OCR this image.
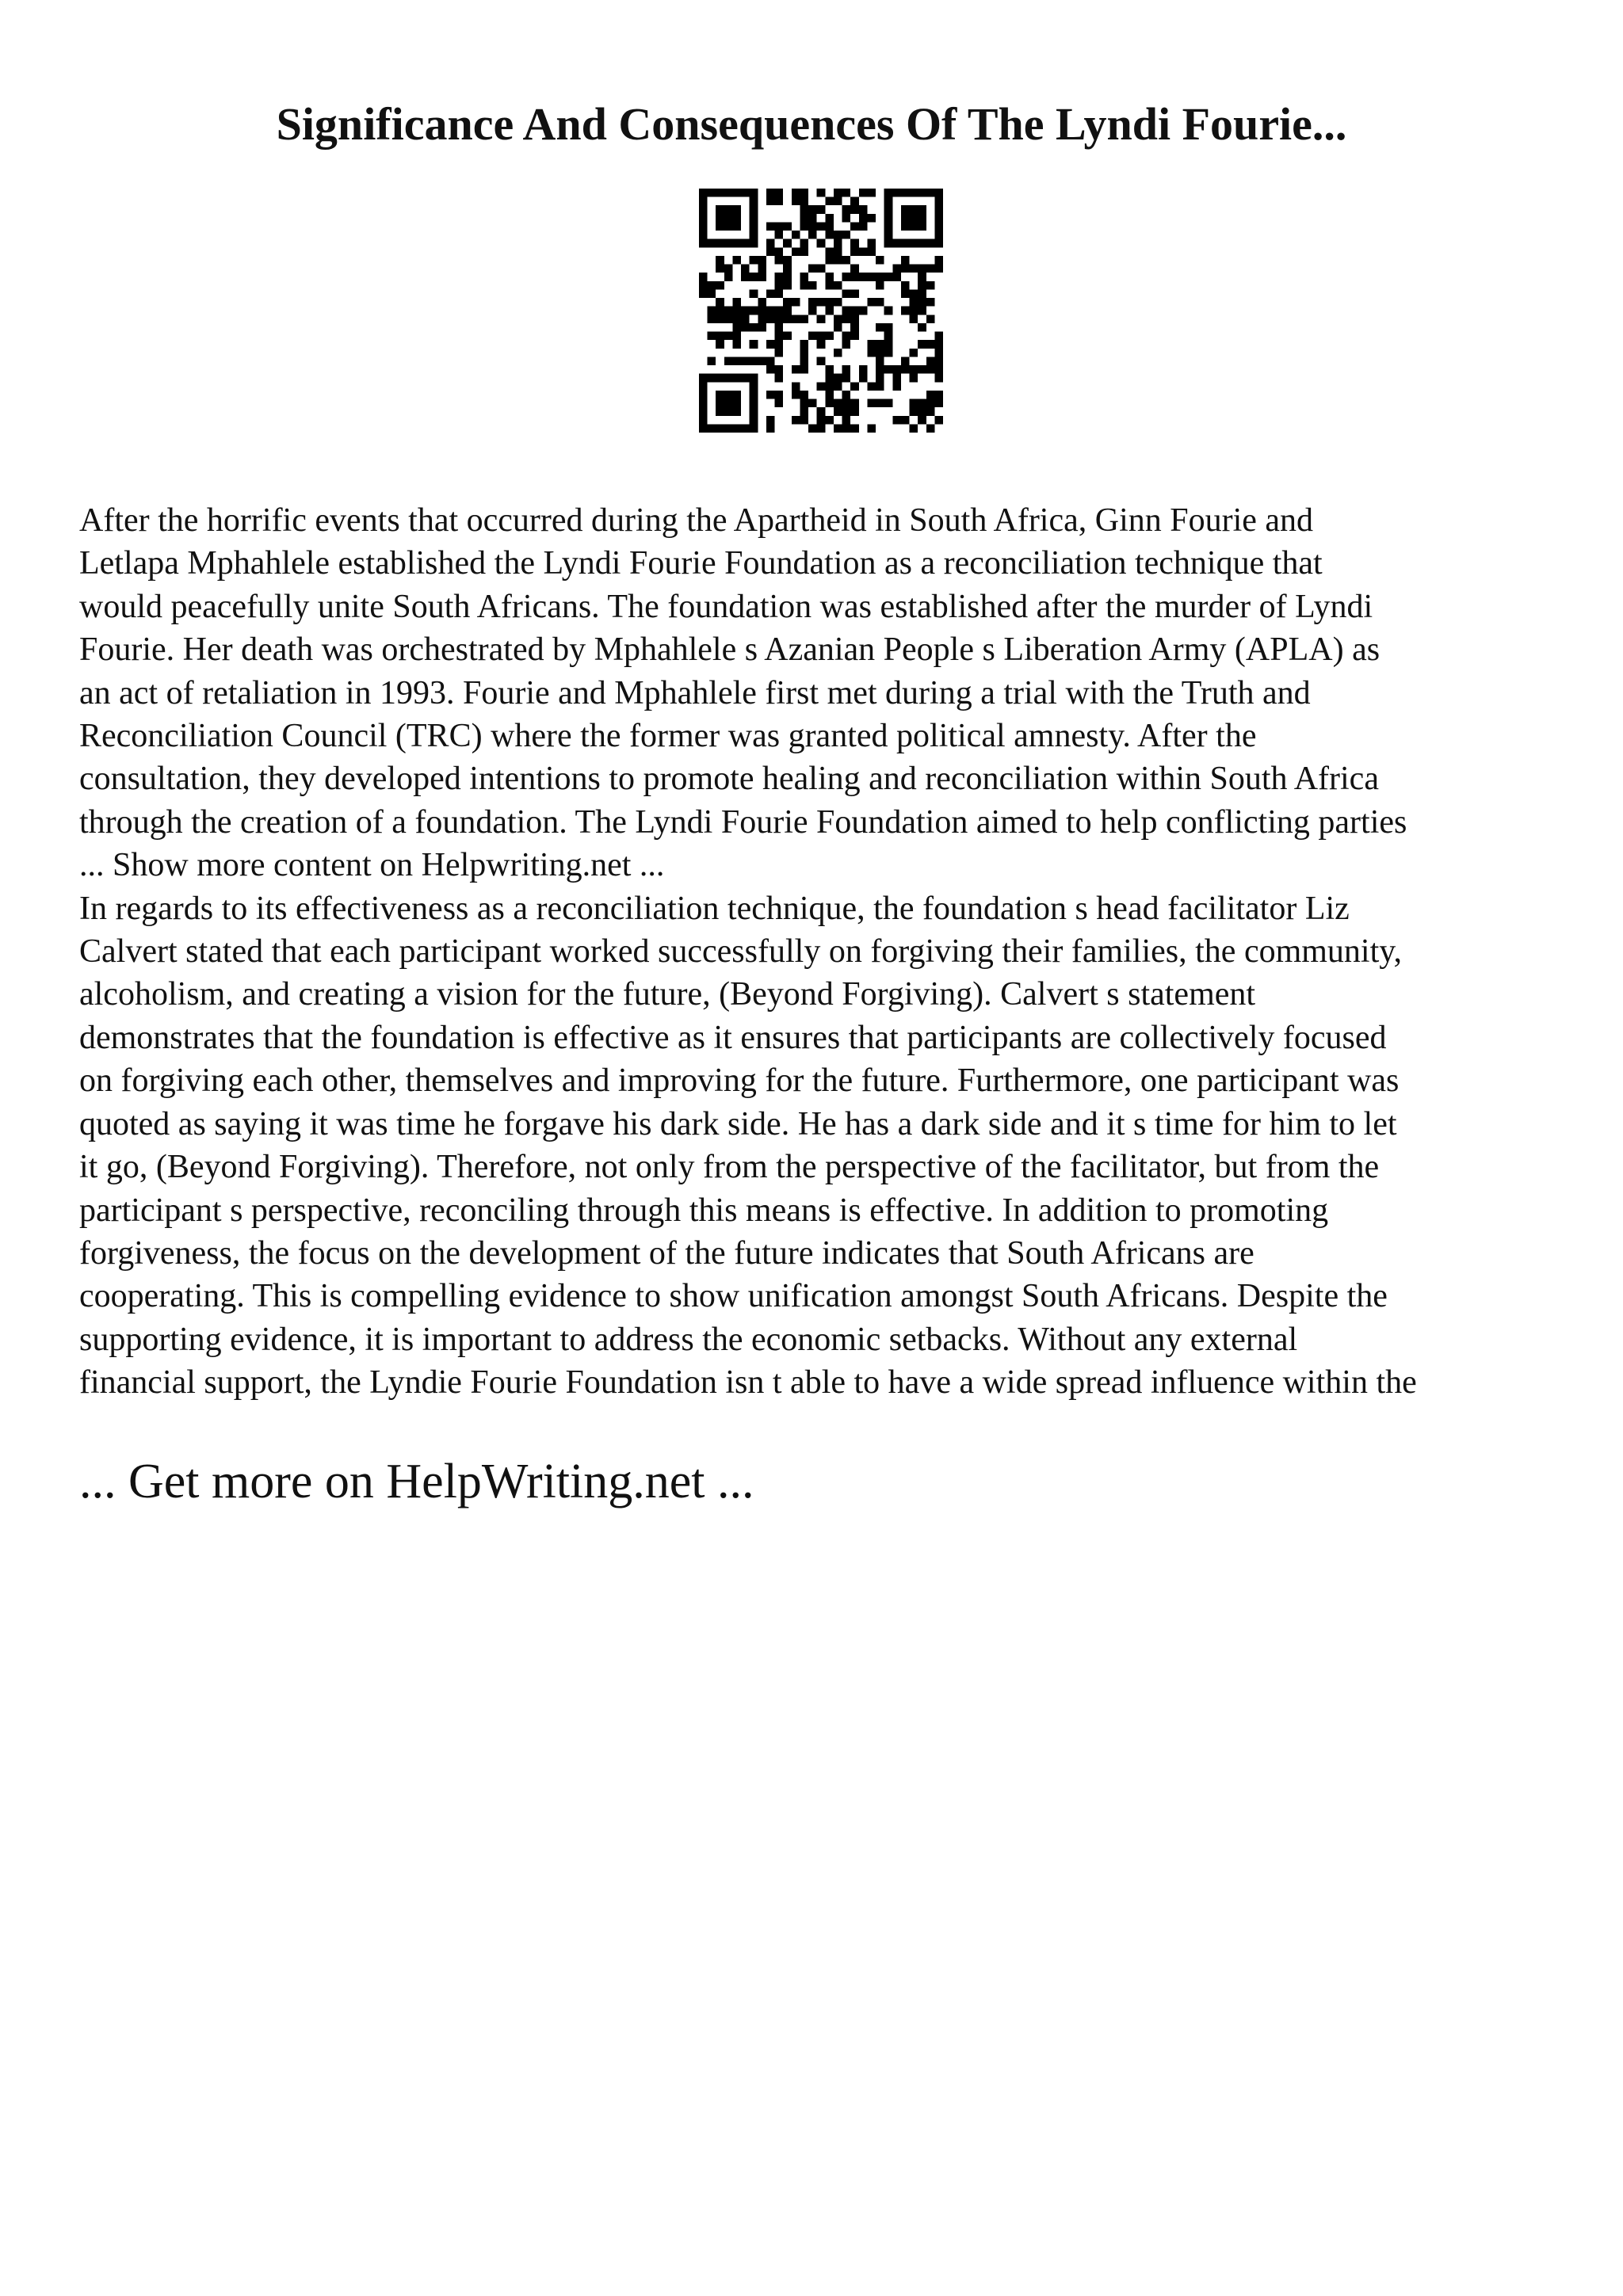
Significance And Consequences Of The Lyndi Fourie...

After the horrific events that occurred during the Apartheid in South Africa, Ginn Fourie and
Letlapa Mphahlele established the Lyndi Fourie Foundation as a reconciliation technique that
would peacefully unite South Africans. The foundation was established after the murder of Lyndi
Fourie. Her death was orchestrated by Mphahlele s Azanian People s Liberation Army (APLA) as
an act of retaliation in 1993. Fourie and Mphahlele first met during a trial with the Truth and
Reconciliation Council (TRC) where the former was granted political amnesty. After the
consultation, they developed intentions to promote healing and reconciliation within South Africa
through the creation of a foundation. The Lyndi Fourie Foundation aimed to help conflicting parties

... Show more content on Helpwriting.net ...

In regards to its effectiveness as a reconciliation technique, the foundation s head facilitator Liz
Calvert stated that each participant worked successfully on forgiving their families, the community,
alcoholism, and creating a vision for the future, (Beyond Forgiving). Calvert s statement
demonstrates that the foundation is effective as it ensures that participants are collectively focused
on forgiving each other, themselves and improving for the future. Furthermore, one participant was
quoted as saying it was time he forgave his dark side. He has a dark side and it s time for him to let
it go, (Beyond Forgiving). Therefore, not only from the perspective of the facilitator, but from the
participant s perspective, reconciling through this means is effective. In addition to promoting
forgiveness, the focus on the development of the future indicates that South Africans are
cooperating. This is compelling evidence to show unification amongst South Africans. Despite the
supporting evidence, it is important to address the economic setbacks. Without any external
financial support, the Lyndie Fourie Foundation isn t able to have a wide spread influence within the

... Get more on HelpWriting.net ...
